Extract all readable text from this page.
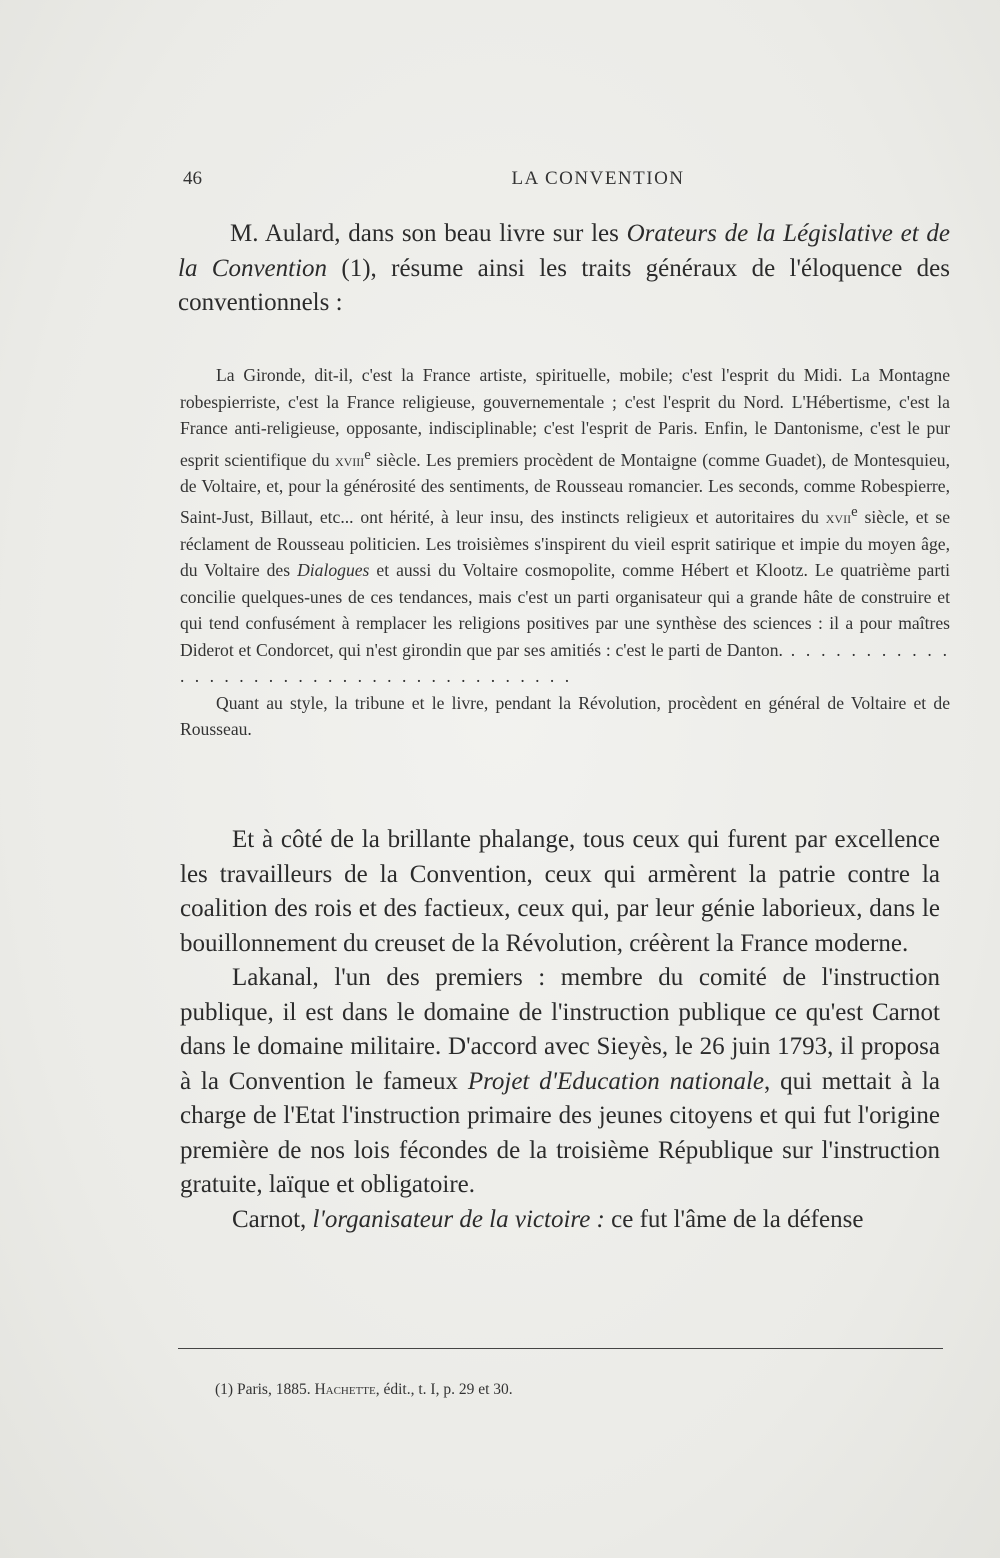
46	LA CONVENTION

M. Aulard, dans son beau livre sur les Orateurs de la Législative et de la Convention (1), résume ainsi les traits généraux de l'éloquence des conventionnels :

La Gironde, dit-il, c'est la France artiste, spirituelle, mobile; c'est l'esprit du Midi. La Montagne robespierriste, c'est la France religieuse, gouvernementale ; c'est l'esprit du Nord. L'Hébertisme, c'est la France anti-religieuse, opposante, indisciplinable; c'est l'esprit de Paris. Enfin, le Dantonisme, c'est le pur esprit scientifique du xviii$^e$ siècle. Les premiers procèdent de Montaigne (comme Guadet), de Montesquieu, de Voltaire, et, pour la générosité des sentiments, de Rousseau romancier. Les seconds, comme Robespierre, Saint-Just, Billaut, etc... ont hérité, à leur insu, des instincts religieux et autoritaires du xvii$^e$ siècle, et se réclament de Rousseau politicien. Les troisièmes s'inspirent du vieil esprit satirique et impie du moyen âge, du Voltaire des Dialogues et aussi du Voltaire cosmopolite, comme Hébert et Klootz. Le quatrième parti concilie quelques-unes de ces tendances, mais c'est un parti organisateur qui a grande hâte de construire et qui tend confusément à remplacer les religions positives par une synthèse des sciences : il a pour maîtres Diderot et Condorcet, qui n'est girondin que par ses amitiés : c'est le parti de Danton. . . . . . . . . . . . . . . . . . . . . . . . . . . . . . . . . . . . . . .

Quant au style, la tribune et le livre, pendant la Révolution, procèdent en général de Voltaire et de Rousseau.

Et à côté de la brillante phalange, tous ceux qui furent par excellence les travailleurs de la Convention, ceux qui armèrent la patrie contre la coalition des rois et des factieux, ceux qui, par leur génie laborieux, dans le bouillonnement du creuset de la Révolution, créèrent la France moderne.

Lakanal, l'un des premiers : membre du comité de l'instruction publique, il est dans le domaine de l'instruction publique ce qu'est Carnot dans le domaine militaire. D'accord avec Sieyès, le 26 juin 1793, il proposa à la Convention le fameux Projet d'Education nationale, qui mettait à la charge de l'Etat l'instruction primaire des jeunes citoyens et qui fut l'origine première de nos lois fécondes de la troisième République sur l'instruction gratuite, laïque et obligatoire.

Carnot, l'organisateur de la victoire : ce fut l'âme de la défense

(1) Paris, 1885. Hachette, édit., t. I, p. 29 et 30.
